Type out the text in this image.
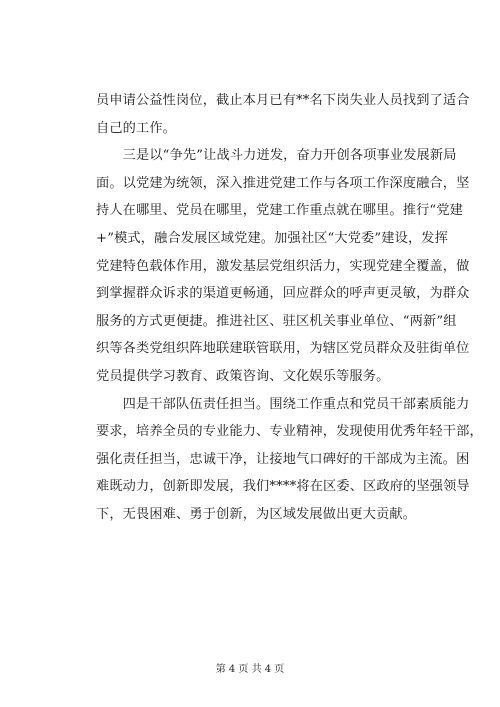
员申请公益性岗位，截止本月已有**名下岗失业人员找到了适合
自己的工作。
　　三是以“争先”让战斗力迸发，奋力开创各项事业发展新局
面。以党建为统领，深入推进党建工作与各项工作深度融合，坚
持人在哪里、党员在哪里，党建工作重点就在哪里。推行“党建
+”模式，融合发展区域党建。加强社区“大党委”建设，发挥
党建特色载体作用，激发基层党组织活力，实现党建全覆盖，做
到掌握群众诉求的渠道更畅通，回应群众的呼声更灵敏，为群众
服务的方式更便捷。推进社区、驻区机关事业单位、“两新”组
织等各类党组织阵地联建联管联用，为辖区党员群众及驻街单位
党员提供学习教育、政策咨询、文化娱乐等服务。
　　四是干部队伍责任担当。围绕工作重点和党员干部素质能力
要求，培养全员的专业能力、专业精神，发现使用优秀年轻干部，
强化责任担当，忠诚干净，让接地气口碑好的干部成为主流。困
难既动力，创新即发展，我们****将在区委、区政府的坚强领导
下，无畏困难、勇于创新，为区域发展做出更大贡献。
第 4 页 共 4 页
